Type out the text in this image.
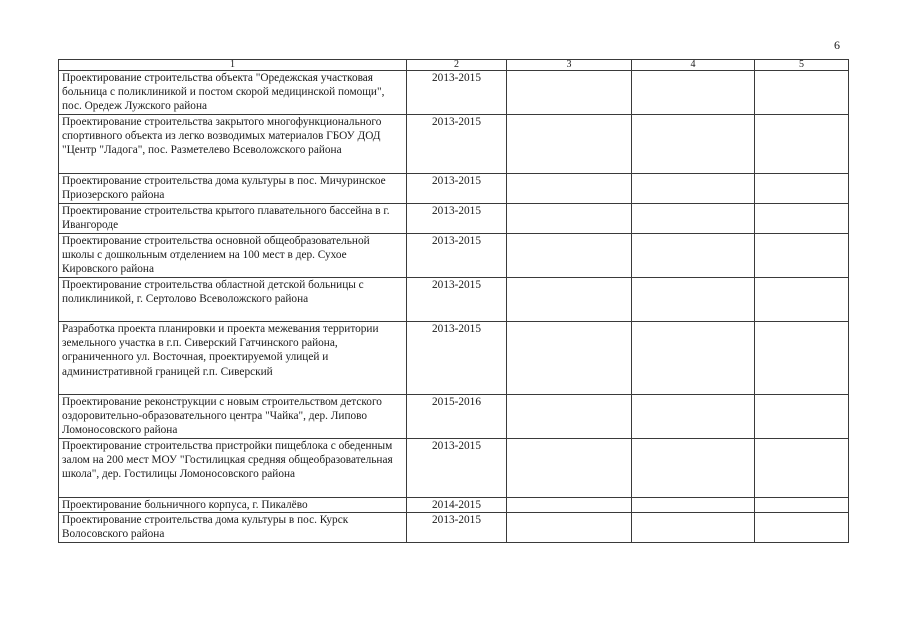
6
1	2	3	4	5
Проектирование строительства объекта "Оредежская участковая больница с поликлиникой и постом скорой медицинской помощи", пос. Оредеж Лужского района	2013-2015			
Проектирование строительства закрытого многофункционального спортивного объекта из легко возводимых материалов ГБОУ ДОД "Центр "Ладога", пос. Разметелево Всеволожского района	2013-2015			
Проектирование строительства дома культуры в пос. Мичуринское Приозерского района	2013-2015			
Проектирование строительства крытого плавательного бассейна в г. Ивангороде	2013-2015			
Проектирование строительства основной общеобразовательной школы с дошкольным отделением на 100 мест в дер. Сухое Кировского района	2013-2015			
Проектирование строительства областной детской больницы с поликлиникой, г. Сертолово Всеволожского района	2013-2015			
Разработка проекта планировки и проекта межевания территории земельного участка в г.п. Сиверский Гатчинского района, ограниченного ул. Восточная, проектируемой улицей и административной границей г.п. Сиверский	2013-2015			
Проектирование реконструкции с новым строительством детского оздоровительно-образовательного центра "Чайка", дер. Липово Ломоносовского района	2015-2016			
Проектирование строительства пристройки пищеблока с обеденным залом на 200 мест МОУ "Гостилицкая средняя общеобразовательная школа", дер. Гостилицы Ломоносовского района	2013-2015			
Проектирование больничного корпуса, г. Пикалёво	2014-2015			
Проектирование строительства дома культуры в пос. Курск Волосовского района	2013-2015			
